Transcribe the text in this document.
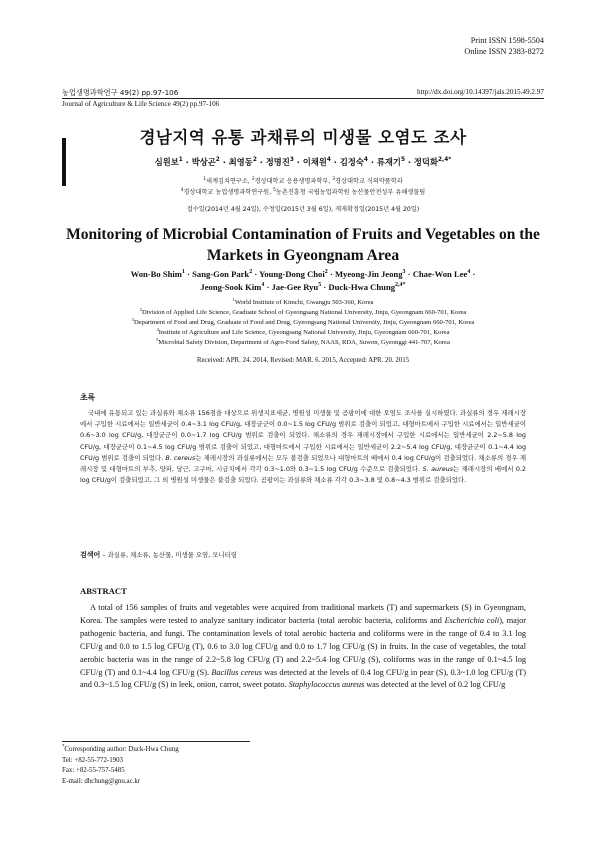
Print ISSN 1598-5504
Online ISSN 2383-8272
농업생명과학연구 49(2) pp.97-106	http://dx.doi.org/10.14397/jals.2015.49.2.97
Journal of Agriculture & Life Science 49(2) pp.97-106
경남지역 유통 과채류의 미생물 오염도 조사
심원보$^1$ · 박상곤$^2$ · 최영동$^2$ · 정명진$^3$ · 이채원$^4$ · 김정숙$^4$ · 류재기$^5$ · 정덕화$^{2,4*}$
$^1$세계김치연구소, $^2$경상대학교 응용생명과학부, $^3$경상대학교 식의약품학과
$^4$경상대학교 농업생명과학연구원, $^5$농촌진흥청 국립농업과학원 농산물안전성부 유해생물팀
접수일(2014년 4월 24일), 수정일(2015년 3월 6일), 게재확정일(2015년 4월 20일)
Monitoring of Microbial Contamination of Fruits and Vegetables on the
Markets in Gyeongnam Area
Won-Bo Shim$^1$ · Sang-Gon Park$^2$ · Young-Dong Choi$^2$ · Myeong-Jin Jeong$^3$ · Chae-Won Lee$^4$ ·
Jeong-Sook Kim$^4$ · Jae-Gee Ryu$^5$ · Duck-Hwa Chung$^{2,4*}$
$^1$World Institute of Kimchi, Gwangju 503-360, Korea
$^2$Division of Applied Life Science, Graduate School of Gyeongsang National University, Jinju, Gyeongnam 660-701, Korea
$^3$Department of Food and Drug, Graduate of Food and Drug, Gyeongsang National University, Jinju, Gyeongnam 660-701, Korea
$^4$Institute of Agriculture and Life Science, Gyeongsang National University, Jinju, Gyeongnam 660-701, Korea
$^5$Microbial Safety Division, Department of Agro-Food Safety, NAAS, RDA, Suwon, Gyeonggi 441-707, Korea
Received: APR. 24. 2014, Revised: MAR. 6. 2015, Accepted: APR. 20. 2015
초록

국내에 유통되고 있는 과실류와 채소류 156점을 대상으로 위생지표세균, 병원성 미생물 및 곰팡이에 대한 오염도 조사를 실시하였다. 과실류의 경우 재래시장에서 구입한 시료에서는 일반세균이 0.4~3.1 log CFU/g, 대장균군이 0.0~1.5 log CFU/g 범위로 검출이 되었고, 대형마트에서 구입한 시료에서는 일반세균이 0.6~3.0 log CFU/g, 대장균군이 0.0~1.7 log CFU/g 범위로 검출이 되었다. 채소류의 경우 재래시장에서 구입한 시료에서는 일반세균이 2.2~5.8 log CFU/g, 대장균군이 0.1~4.5 log CFU/g 범위로 검출이 되었고, 대형마트에서 구입한 시료에서는 일반세균이 2.2~5.4 log CFU/g, 대장균군이 0.1~4.4 log CFU/g 범위로 검출이 되었다. B. cereus는 재래시장의 과실류에서는 모두 불검출 되었으나 대형마트의 배에서 0.4 log CFU/g이 검출되었다. 채소류의 경우 재래시장 및 대형마트의 부추, 양파, 당근, 고구마, 시금치에서 각각 0.3~1.0와 0.3~1.5 log CFU/g 수준으로 검출되었다. S. aureus는 재래시장의 배에서 0.2 log CFU/g이 검출되었고, 그 외 병원성 미생물은 불검출 되었다. 곰팡이는 과실류와 채소류 각각 0.3~3.8 및 0.8~4.3 범위로 검출되었다.

검색어 – 과실류, 채소류, 농산물, 미생물 오염, 모니터링
ABSTRACT

A total of 156 samples of fruits and vegetables were acquired from traditional markets (T) and supermarkets (S) in Gyeongnam, Korea. The samples were tested to analyze sanitary indicator bacteria (total aerobic bacteria, coliforms and Escherichia coli), major pathogenic bacteria, and fungi. The contamination levels of total aerobic bacteria and coliforms were in the range of 0.4 to 3.1 log CFU/g and 0.0 to 1.5 log CFU/g (T), 0.6 to 3.0 log CFU/g and 0.0 to 1.7 log CFU/g (S) in fruits. In the case of vegetables, the total aerobic bacteria was in the range of 2.2~5.8 log CFU/g (T) and 2.2~5.4 log CFU/g (S), coliforms was in the range of 0.1~4.5 log CFU/g (T) and 0.1~4.4 log CFU/g (S). Bacillus cereus was detected at the levels of 0.4 log CFU/g in pear (S), 0.3~1.0 log CFU/g (T) and 0.3~1.5 log CFU/g (S) in leek, onion, carrot, sweet potato. Staphylococcus aureus was detected at the level of 0.2 log CFU/g

*Corresponding author: Duck-Hwa Chung
Tel: +82-55-772-1903
Fax: +82-55-757-5485
E-mail: dhchung@gnu.ac.kr
